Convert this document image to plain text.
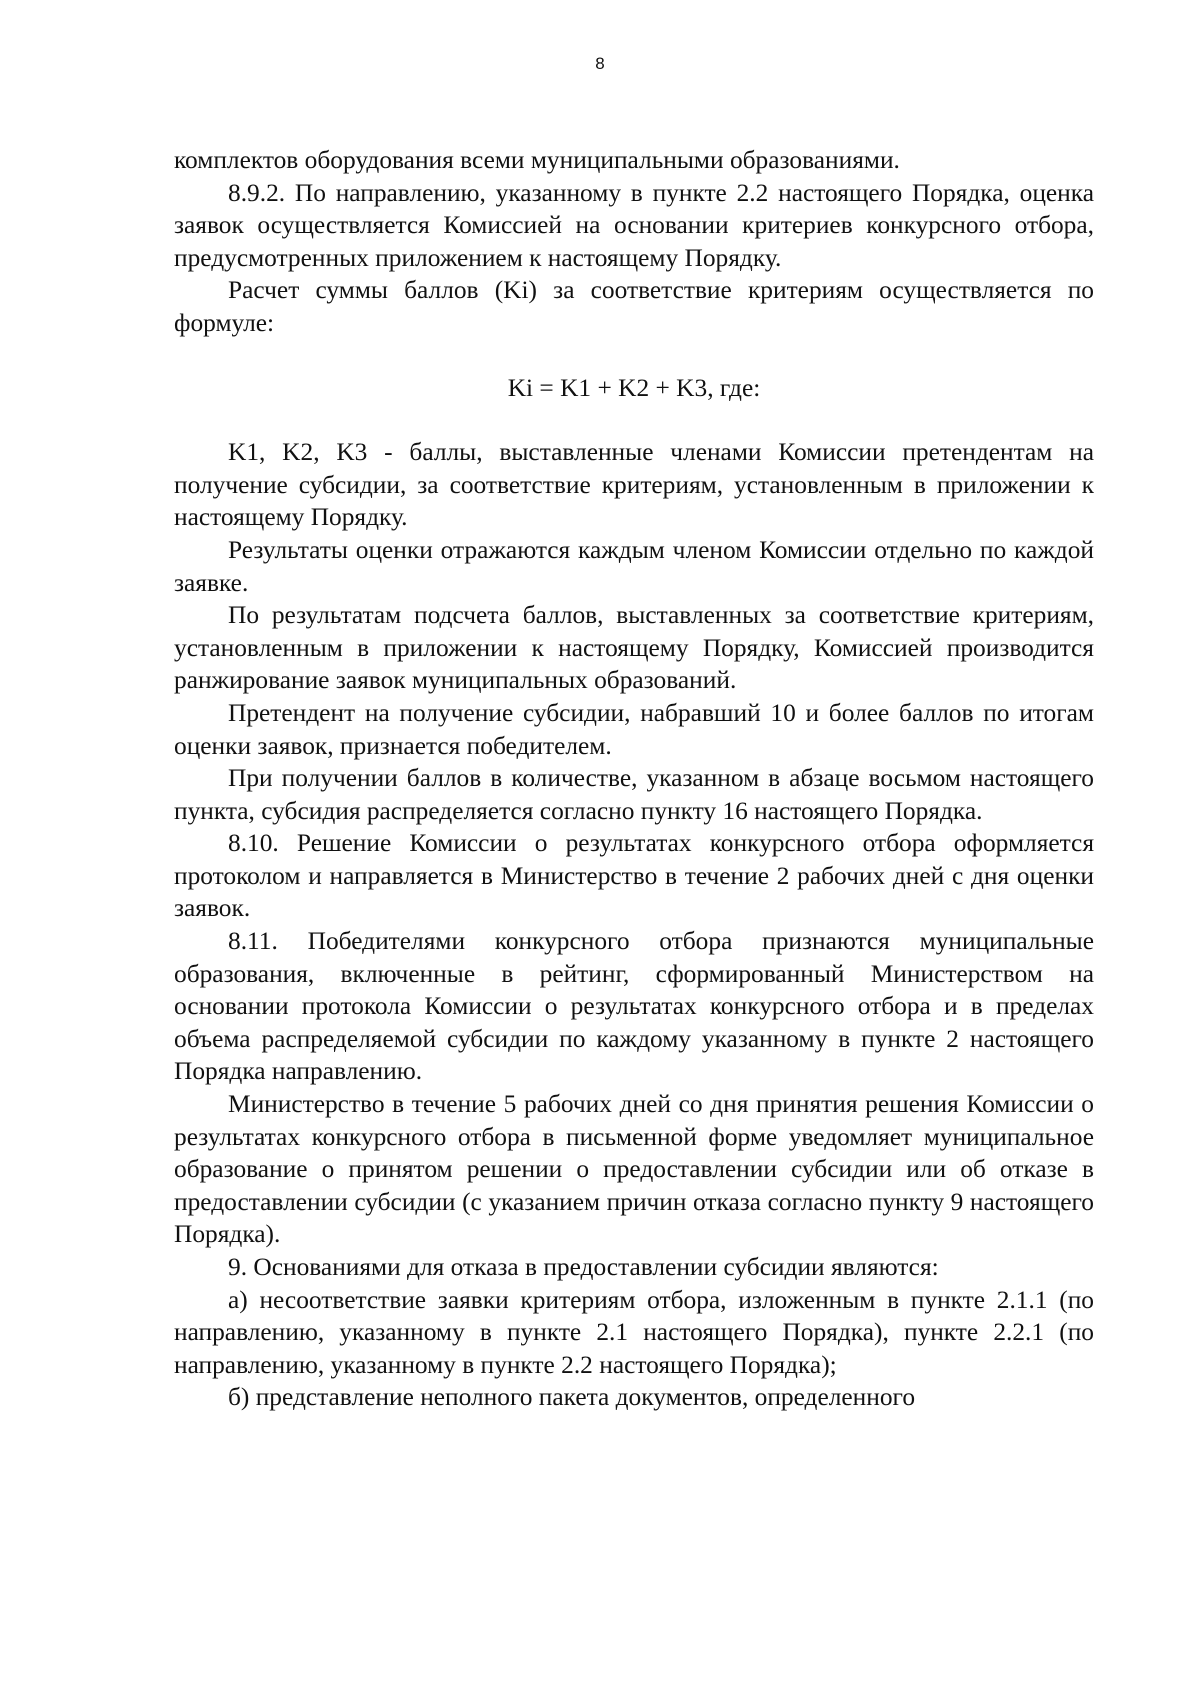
8

комплектов оборудования всеми муниципальными образованиями.

8.9.2. По направлению, указанному в пункте 2.2 настоящего Порядка, оценка заявок осуществляется Комиссией на основании критериев конкурсного отбора, предусмотренных приложением к настоящему Порядку.

Расчет суммы баллов (Ki) за соответствие критериям осуществляется по формуле:

Ki = K1 + K2 + K3, где:

K1, K2, K3 - баллы, выставленные членами Комиссии претендентам на получение субсидии, за соответствие критериям, установленным в приложении к настоящему Порядку.

Результаты оценки отражаются каждым членом Комиссии отдельно по каждой заявке.

По результатам подсчета баллов, выставленных за соответствие критериям, установленным в приложении к настоящему Порядку, Комиссией производится ранжирование заявок муниципальных образований.

Претендент на получение субсидии, набравший 10 и более баллов по итогам оценки заявок, признается победителем.

При получении баллов в количестве, указанном в абзаце восьмом настоящего пункта, субсидия распределяется согласно пункту 16 настоящего Порядка.

8.10. Решение Комиссии о результатах конкурсного отбора оформляется протоколом и направляется в Министерство в течение 2 рабочих дней с дня оценки заявок.

8.11. Победителями конкурсного отбора признаются муниципальные образования, включенные в рейтинг, сформированный Министерством на основании протокола Комиссии о результатах конкурсного отбора и в пределах объема распределяемой субсидии по каждому указанному в пункте 2 настоящего Порядка направлению.

Министерство в течение 5 рабочих дней со дня принятия решения Комиссии о результатах конкурсного отбора в письменной форме уведомляет муниципальное образование о принятом решении о предоставлении субсидии или об отказе в предоставлении субсидии (с указанием причин отказа согласно пункту 9 настоящего Порядка).

9. Основаниями для отказа в предоставлении субсидии являются:

а) несоответствие заявки критериям отбора, изложенным в пункте 2.1.1 (по направлению, указанному в пункте 2.1 настоящего Порядка), пункте 2.2.1 (по направлению, указанному в пункте 2.2 настоящего Порядка);

б) представление неполного пакета документов, определенного
